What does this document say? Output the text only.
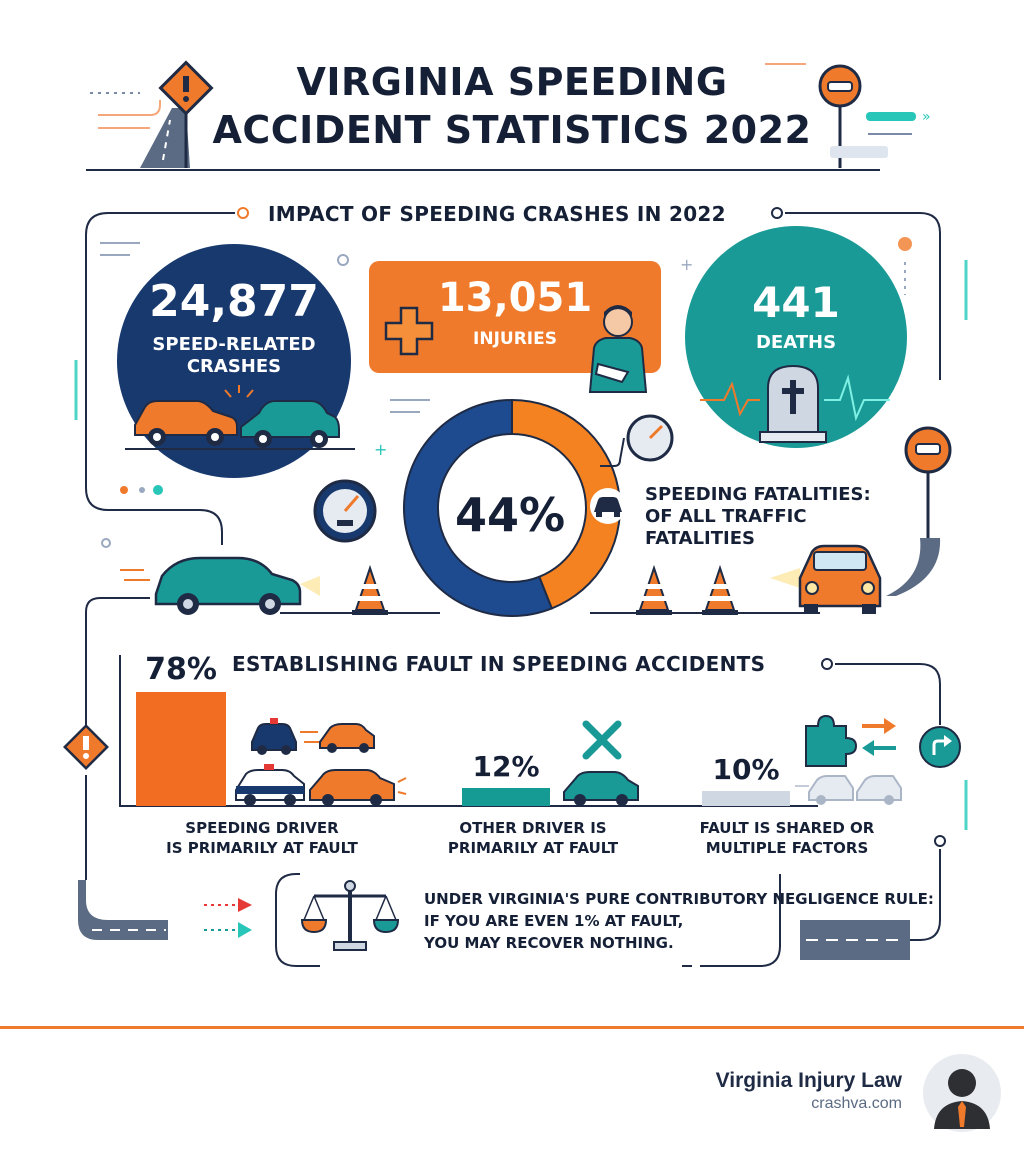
VIRGINIA SPEEDING
ACCIDENT STATISTICS 2022	»
+
+
IMPACT OF SPEEDING CRASHES IN 2022
24,877
SPEED-RELATED
CRASHES
13,051
INJURIES
441
DEATHS
44%	SPEEDING FATALITIES:
OF ALL TRAFFIC
FATALITIES
ESTABLISHING FAULT IN SPEEDING ACCIDENTS
78%
SPEEDING DRIVER
IS PRIMARILY AT FAULT
12%
OTHER DRIVER IS
PRIMARILY AT FAULT
10%
FAULT IS SHARED OR
MULTIPLE FACTORS
UNDER VIRGINIA'S PURE CONTRIBUTORY NEGLIGENCE RULE:
IF YOU ARE EVEN 1% AT FAULT,
YOU MAY RECOVER NOTHING.
Virginia Injury Law
crashva.com
